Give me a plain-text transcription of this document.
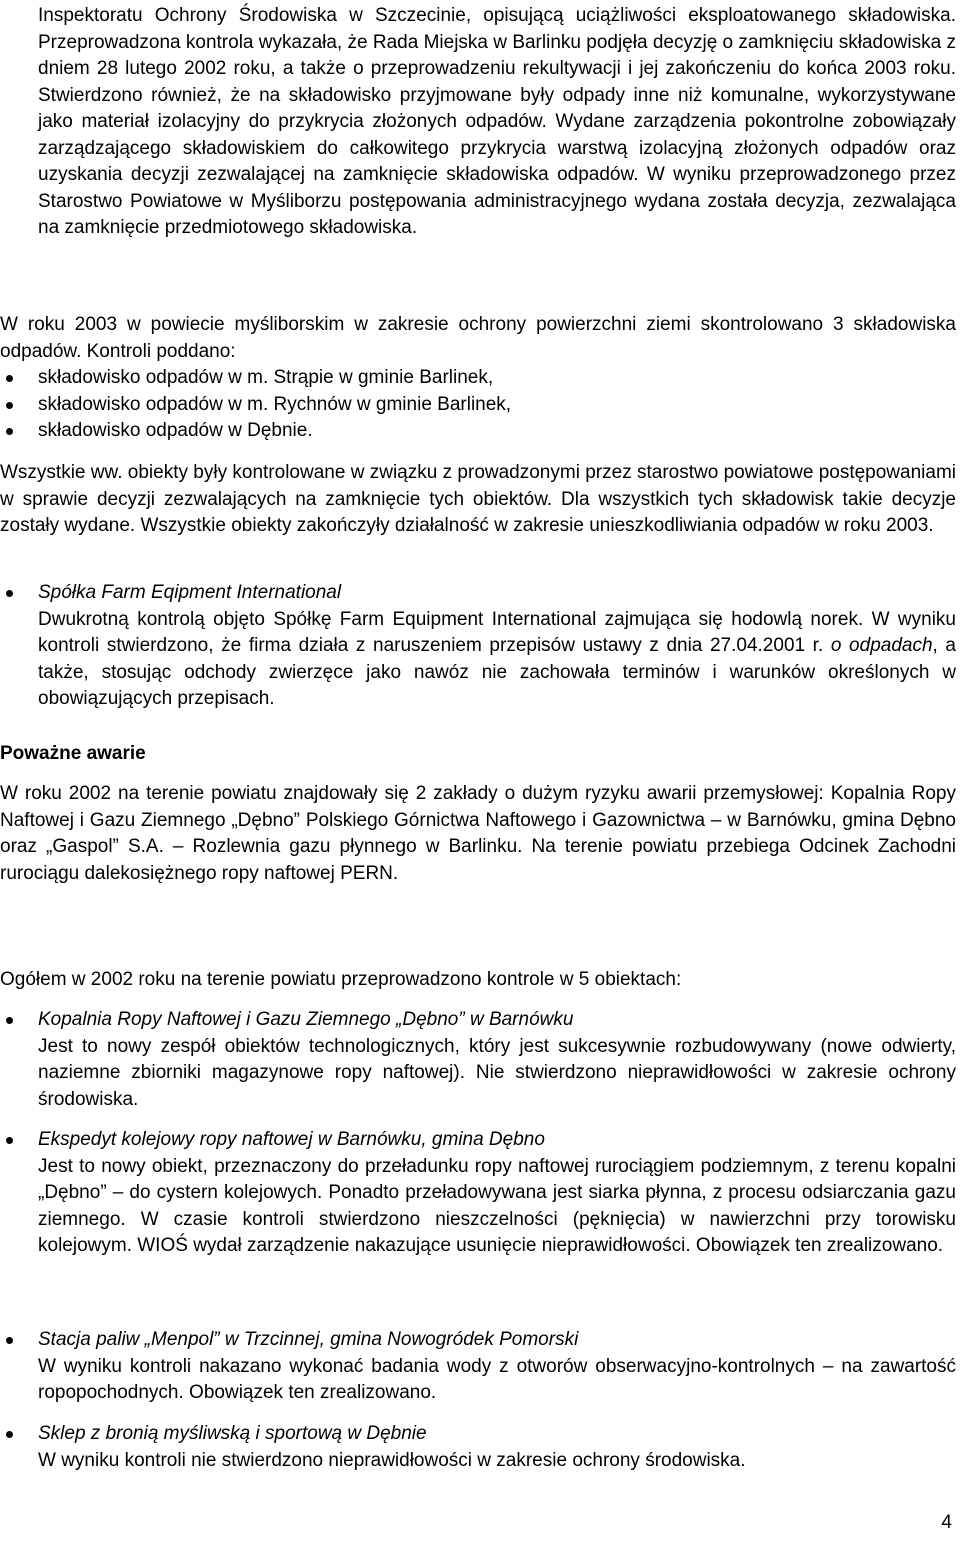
Inspektoratu Ochrony Środowiska w Szczecinie, opisującą uciążliwości eksploatowanego składowiska. Przeprowadzona kontrola wykazała, że Rada Miejska w Barlinku podjęła decyzję o zamknięciu składowiska z dniem 28 lutego 2002 roku, a także o przeprowadzeniu rekultywacji i jej zakończeniu do końca 2003 roku. Stwierdzono również, że na składowisko przyjmowane były odpady inne niż komunalne, wykorzystywane jako materiał izolacyjny do przykrycia złożonych odpadów. Wydane zarządzenia pokontrolne zobowiązały zarządzającego składowiskiem do całkowitego przykrycia warstwą izolacyjną złożonych odpadów oraz uzyskania decyzji zezwalającej na zamknięcie składowiska odpadów. W wyniku przeprowadzonego przez Starostwo Powiatowe w Myśliborzu postępowania administracyjnego wydana została decyzja, zezwalająca na zamknięcie przedmiotowego składowiska.

W roku 2003 w powiecie myśliborskim w zakresie ochrony powierzchni ziemi skontrolowano 3 składowiska odpadów. Kontroli poddano:

składowisko odpadów w m. Strąpie w gminie Barlinek,
składowisko odpadów w m. Rychnów w gminie Barlinek,
składowisko odpadów w Dębnie.

Wszystkie ww. obiekty były kontrolowane w związku z prowadzonymi przez starostwo powiatowe postępowaniami w sprawie decyzji zezwalających na zamknięcie tych obiektów. Dla wszystkich tych składowisk takie decyzje zostały wydane. Wszystkie obiekty zakończyły działalność w zakresie unieszkodliwiania odpadów w roku 2003.

Spółka Farm Eqipment International

Dwukrotną kontrolą objęto Spółkę Farm Equipment International zajmująca się hodowlą norek. W wyniku kontroli stwierdzono, że firma działa z naruszeniem przepisów ustawy z dnia 27.04.2001 r. o odpadach, a także, stosując odchody zwierzęce jako nawóz nie zachowała terminów i warunków określonych w obowiązujących przepisach.

Poważne awarie

W roku 2002 na terenie powiatu znajdowały się 2 zakłady o dużym ryzyku awarii przemysłowej: Kopalnia Ropy Naftowej i Gazu Ziemnego „Dębno” Polskiego Górnictwa Naftowego i Gazownictwa – w Barnówku, gmina Dębno oraz „Gaspol” S.A. – Rozlewnia gazu płynnego w Barlinku. Na terenie powiatu przebiega Odcinek Zachodni rurociągu dalekosiężnego ropy naftowej PERN.

Ogółem w 2002 roku na terenie powiatu przeprowadzono kontrole w 5 obiektach:

Kopalnia Ropy Naftowej i Gazu Ziemnego „Dębno” w Barnówku

Jest to nowy zespół obiektów technologicznych, który jest sukcesywnie rozbudowywany (nowe odwierty, naziemne zbiorniki magazynowe ropy naftowej). Nie stwierdzono nieprawidłowości w zakresie ochrony środowiska.

Ekspedyt kolejowy ropy naftowej w Barnówku, gmina Dębno

Jest to nowy obiekt, przeznaczony do przeładunku ropy naftowej rurociągiem podziemnym, z terenu kopalni „Dębno” – do cystern kolejowych. Ponadto przeładowywana jest siarka płynna, z procesu odsiarczania gazu ziemnego. W czasie kontroli stwierdzono nieszczelności (pęknięcia) w nawierzchni przy torowisku kolejowym. WIOŚ wydał zarządzenie nakazujące usunięcie nieprawidłowości. Obowiązek ten zrealizowano.

Stacja paliw „Menpol” w Trzcinnej, gmina Nowogródek Pomorski

W wyniku kontroli nakazano wykonać badania wody z otworów obserwacyjno-kontrolnych – na zawartość ropopochodnych. Obowiązek ten zrealizowano.

Sklep z bronią myśliwską i sportową w Dębnie

W wyniku kontroli nie stwierdzono nieprawidłowości w zakresie ochrony środowiska.

4
